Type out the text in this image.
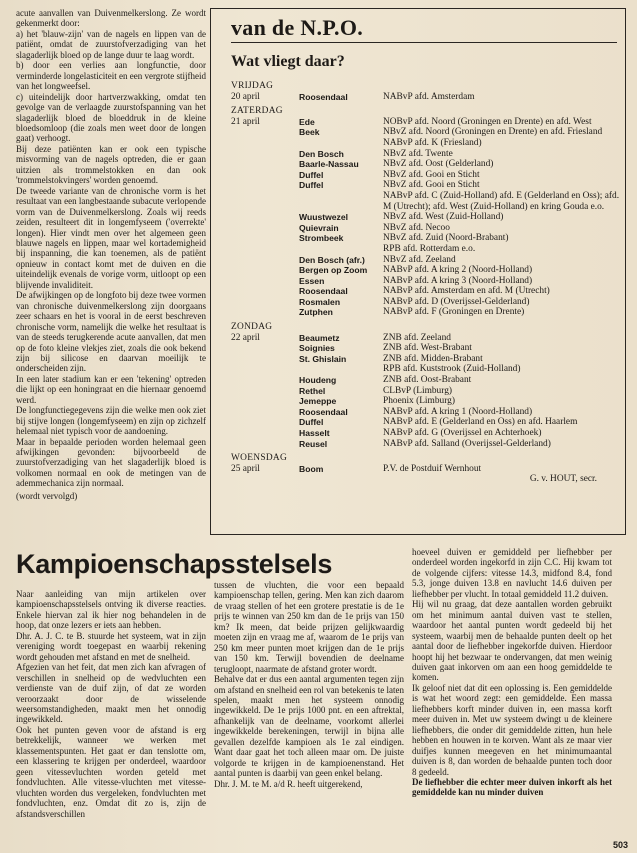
acute aanvallen van Duivenmelkerslong. Ze wordt gekenmerkt door:

a) het 'blauw-zijn' van de nagels en lippen van de patiënt, omdat de zuurstofverzadiging van het slagaderlijk bloed op de lange duur te laag wordt.

b) door een verlies aan longfunctie, door verminderde longelasticiteit en een vergrote stijfheid van het longweefsel.

c) uiteindelijk door hartverzwakking, omdat ten gevolge van de verlaagde zuurstofspanning van het slagaderlijk bloed de bloeddruk in de kleine bloedsomloop (die zoals men weet door de longen gaat) verhoogt.

Bij deze patiënten kan er ook een typische misvorming van de nagels optreden, die er gaan uitzien als trommelstokken en dan ook 'trommelstokvingers' worden genoemd.

De tweede variante van de chronische vorm is het resultaat van een langbestaande subacute verlopende vorm van de Duivenmelkerslong. Zoals wij reeds zeiden, resulteert dit in longemfyseem ('overrekte' longen). Hier vindt men over het algemeen geen blauwe nagels en lippen, maar wel kortademigheid bij inspanning, die kan toenemen, als de patiënt opnieuw in contact komt met de duiven en die uiteindelijk evenals de vorige vorm, uitloopt op een blijvende invaliditeit.

De afwijkingen op de longfoto bij deze twee vormen van chronische duivenmelkerslong zijn doorgaans zeer schaars en het is vooral in de eerst beschreven chronische vorm, namelijk die welke het resultaat is van de steeds terugkerende acute aanvallen, dat men op de foto kleine vlekjes ziet, zoals die ook bekend zijn bij silicose en daarvan moeilijk te onderscheiden zijn.

In een later stadium kan er een 'tekening' optreden die lijkt op een honingraat en die hiernaar genoemd werd.

De longfunctiegegevens zijn die welke men ook ziet bij stijve longen (longemfyseem) en zijn op zichzelf helemaal niet typisch voor de aandoening.

Maar in bepaalde perioden worden helemaal geen afwijkingen gevonden: bijvoorbeeld de zuurstofverzadiging van het slagaderlijk bloed is volkomen normaal en ook de metingen van de ademmechanica zijn normaal.

(wordt vervolgd)

van de N.P.O.
Wat vliegt daar?
VRIJDAG
20 april	Roosendaal	NABvP afd. Amsterdam
ZATERDAG
21 april	Ede	NOBvP afd. Noord (Groningen en Drente) en afd. West
Beek	NBvZ afd. Noord (Groningen en Drente) en afd. Friesland
NABvP afd. K (Friesland)
Den Bosch	NBvZ afd. Twente
Baarle-Nassau	NBvZ afd. Oost (Gelderland)
Duffel	NBvZ afd. Gooi en Sticht
Duffel	NBvZ afd. Gooi en Sticht
NABvP afd. C (Zuid-Holland) afd. E (Gelderland en Oss); afd. M (Utrecht); afd. West (Zuid-Holland) en kring Gouda e.o.
Wuustwezel	NBvZ afd. West (Zuid-Holland)
Quievrain	NBvZ afd. Necoo
Strombeek	NBvZ afd. Zuid (Noord-Brabant)
RPB afd. Rotterdam e.o.
Den Bosch (afr.)	NBvZ afd. Zeeland
Bergen op Zoom	NABvP afd. A kring 2 (Noord-Holland)
Essen	NABvP afd. A kring 3 (Noord-Holland)
Roosendaal	NABvP afd. Amsterdam en afd. M (Utrecht)
Rosmalen	NABvP afd. D (Overijssel-Gelderland)
Zutphen	NABvP afd. F (Groningen en Drente)
ZONDAG
22 april	Beaumetz	ZNB afd. Zeeland
Soignies	ZNB afd. West-Brabant
St. Ghislain	ZNB afd. Midden-Brabant
RPB afd. Kuststrook (Zuid-Holland)
Houdeng	ZNB afd. Oost-Brabant
Rethel	CLBvP (Limburg)
Jemeppe	Phoenix (Limburg)
Roosendaal	NABvP afd. A kring 1 (Noord-Holland)
Duffel	NABvP afd. E (Gelderland en Oss) en afd. Haarlem
Hasselt	NABvP afd. G (Overijssel en Achterhoek)
Reusel	NABvP afd. Salland (Overijssel-Gelderland)
WOENSDAG
25 april	Boom	P.V. de Postduif Wernhout
G. v. HOUT, secr.
Kampioenschapsstelsels

Naar aanleiding van mijn artikelen over kampioenschapsstelsels ontving ik diverse reacties. Enkele hiervan zal ik hier nog behandelen in de hoop, dat onze lezers er iets aan hebben.

Dhr. A. J. C. te B. stuurde het systeem, wat in zijn vereniging wordt toegepast en waarbij rekening wordt gehouden met afstand en met de snelheid.

Afgezien van het feit, dat men zich kan afvragen of verschillen in snelheid op de wedvluchten een verdienste van de duif zijn, of dat ze worden veroorzaakt door de wisselende weersomstandigheden, maakt men het onnodig ingewikkeld.

Ook het punten geven voor de afstand is erg betrekkelijk, wanneer we werken met klassementspunten. Het gaat er dan tenslotte om, een klassering te krijgen per onderdeel, waardoor geen vitessevluchten worden geteld met fondvluchten. Alle vitesse-vluchten met vitesse-vluchten worden dus vergeleken, fondvluchten met fondvluchten, enz. Omdat dit zo is, zijn de afstandsverschillen

tussen de vluchten, die voor een bepaald kampioenschap tellen, gering. Men kan zich daarom de vraag stellen of het een grotere prestatie is de 1e prijs te winnen van 250 km dan de 1e prijs van 150 km? Ik meen, dat beide prijzen gelijkwaardig moeten zijn en vraag me af, waarom de 1e prijs van 250 km meer punten moet krijgen dan de 1e prijs van 150 km. Terwijl bovendien de deelname terugloopt, naarmate de afstand groter wordt.

Behalve dat er dus een aantal argumenten tegen zijn om afstand en snelheid een rol van betekenis te laten spelen, maakt men het systeem onnodig ingewikkeld. De 1e prijs 1000 pnt. en een aftrektal, afhankelijk van de deelname, voorkomt allerlei ingewikkelde berekeningen, terwijl in bijna alle gevallen dezelfde kampioen als 1e zal eindigen. Want daar gaat het toch alleen maar om. De juiste volgorde te krijgen in de kampioenenstand. Het aantal punten is daarbij van geen enkel belang.

Dhr. J. M. te M. a/d R. heeft uitgerekend,

hoeveel duiven er gemiddeld per liefhebber per onderdeel worden ingekorfd in zijn C.C. Hij kwam tot de volgende cijfers: vitesse 14.3, midfond 8.4, fond 5.3, jonge duiven 13.8 en navlucht 14.6 duiven per liefhebber per vlucht. In totaal gemiddeld 11.2 duiven.

Hij wil nu graag, dat deze aantallen worden gebruikt om het minimum aantal duiven vast te stellen, waardoor het aantal punten wordt gedeeld bij het systeem, waarbij men de behaalde punten deelt op het aantal door de liefhebber ingekorfde duiven. Hierdoor hoopt hij het bezwaar te ondervangen, dat men weinig duiven gaat inkorven om aan een hoog gemiddelde te komen.

Ik geloof niet dat dit een oplossing is. Een gemiddelde is wat het woord zegt: een gemiddelde. Een massa liefhebbers korft minder duiven in, een massa korft meer duiven in. Met uw systeem dwingt u de kleinere liefhebbers, die onder dit gemiddelde zitten, hun hele hebben en houwen in te korven. Want als ze maar vier duifjes kunnen meegeven en het minimumaantal duiven is 8, dan worden de behaalde punten toch door 8 gedeeld.

De liefhebber die echter meer duiven inkorft als het gemiddelde kan nu minder duiven

503
